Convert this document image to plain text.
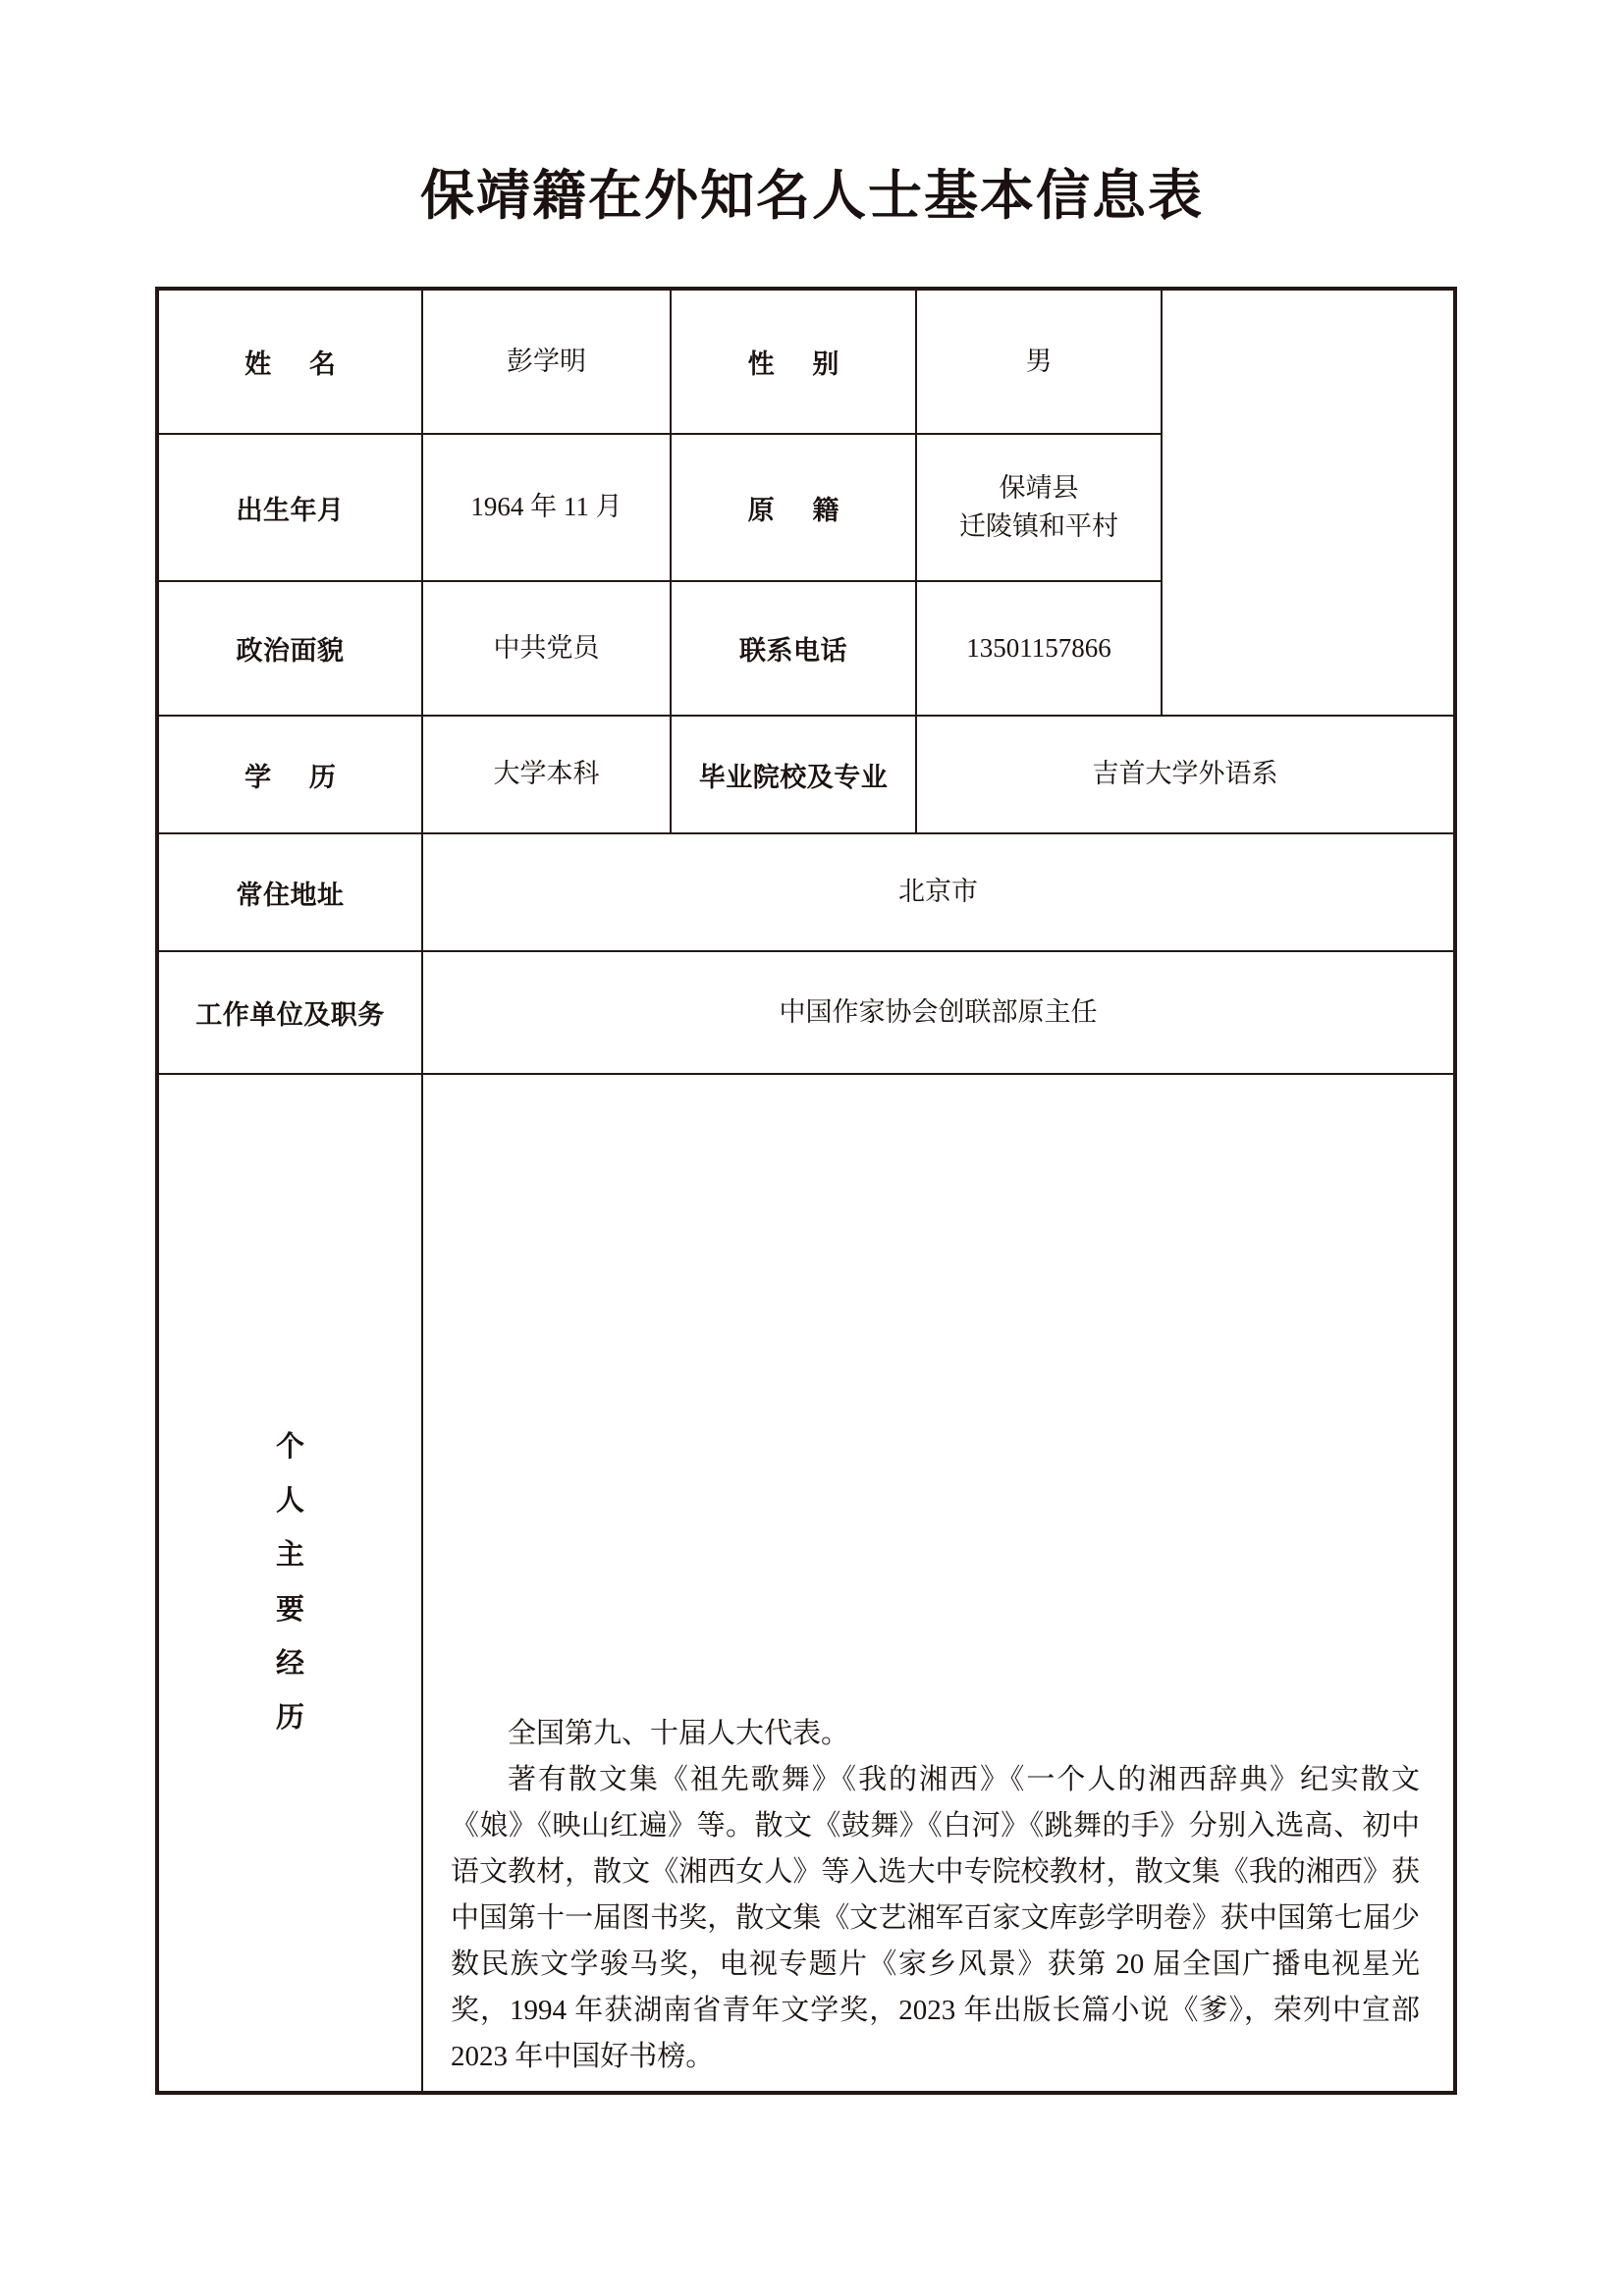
保靖籍在外知名人士基本信息表
姓 名	彭学明	性 别	男	

出生年月	1964 年 11 月	原 籍	保靖县
迁陵镇和平村	

政治面貌	中共党员	联系电话	13501157866	
学 历	大学本科	毕业院校及专业	吉首大学外语系	
常住地址	北京市			
工作单位及职务	中国作家协会创联部原主任			

个
人
主
要
经
历

全国第九、十届人大代表。

著有散文集《祖先歌舞》《我的湘西》《一个人的湘西辞典》纪实散文《娘》《映山红遍》等。散文《鼓舞》《白河》《跳舞的手》分别入选高、初中语文教材，散文《湘西女人》等入选大中专院校教材，散文集《我的湘西》获中国第十一届图书奖，散文集《文艺湘军百家文库彭学明卷》获中国第七届少数民族文学骏马奖，电视专题片《家乡风景》获第 20 届全国广播电视星光奖，1994 年获湖南省青年文学奖，2023 年出版长篇小说《爹》，荣列中宣部 2023 年中国好书榜。
